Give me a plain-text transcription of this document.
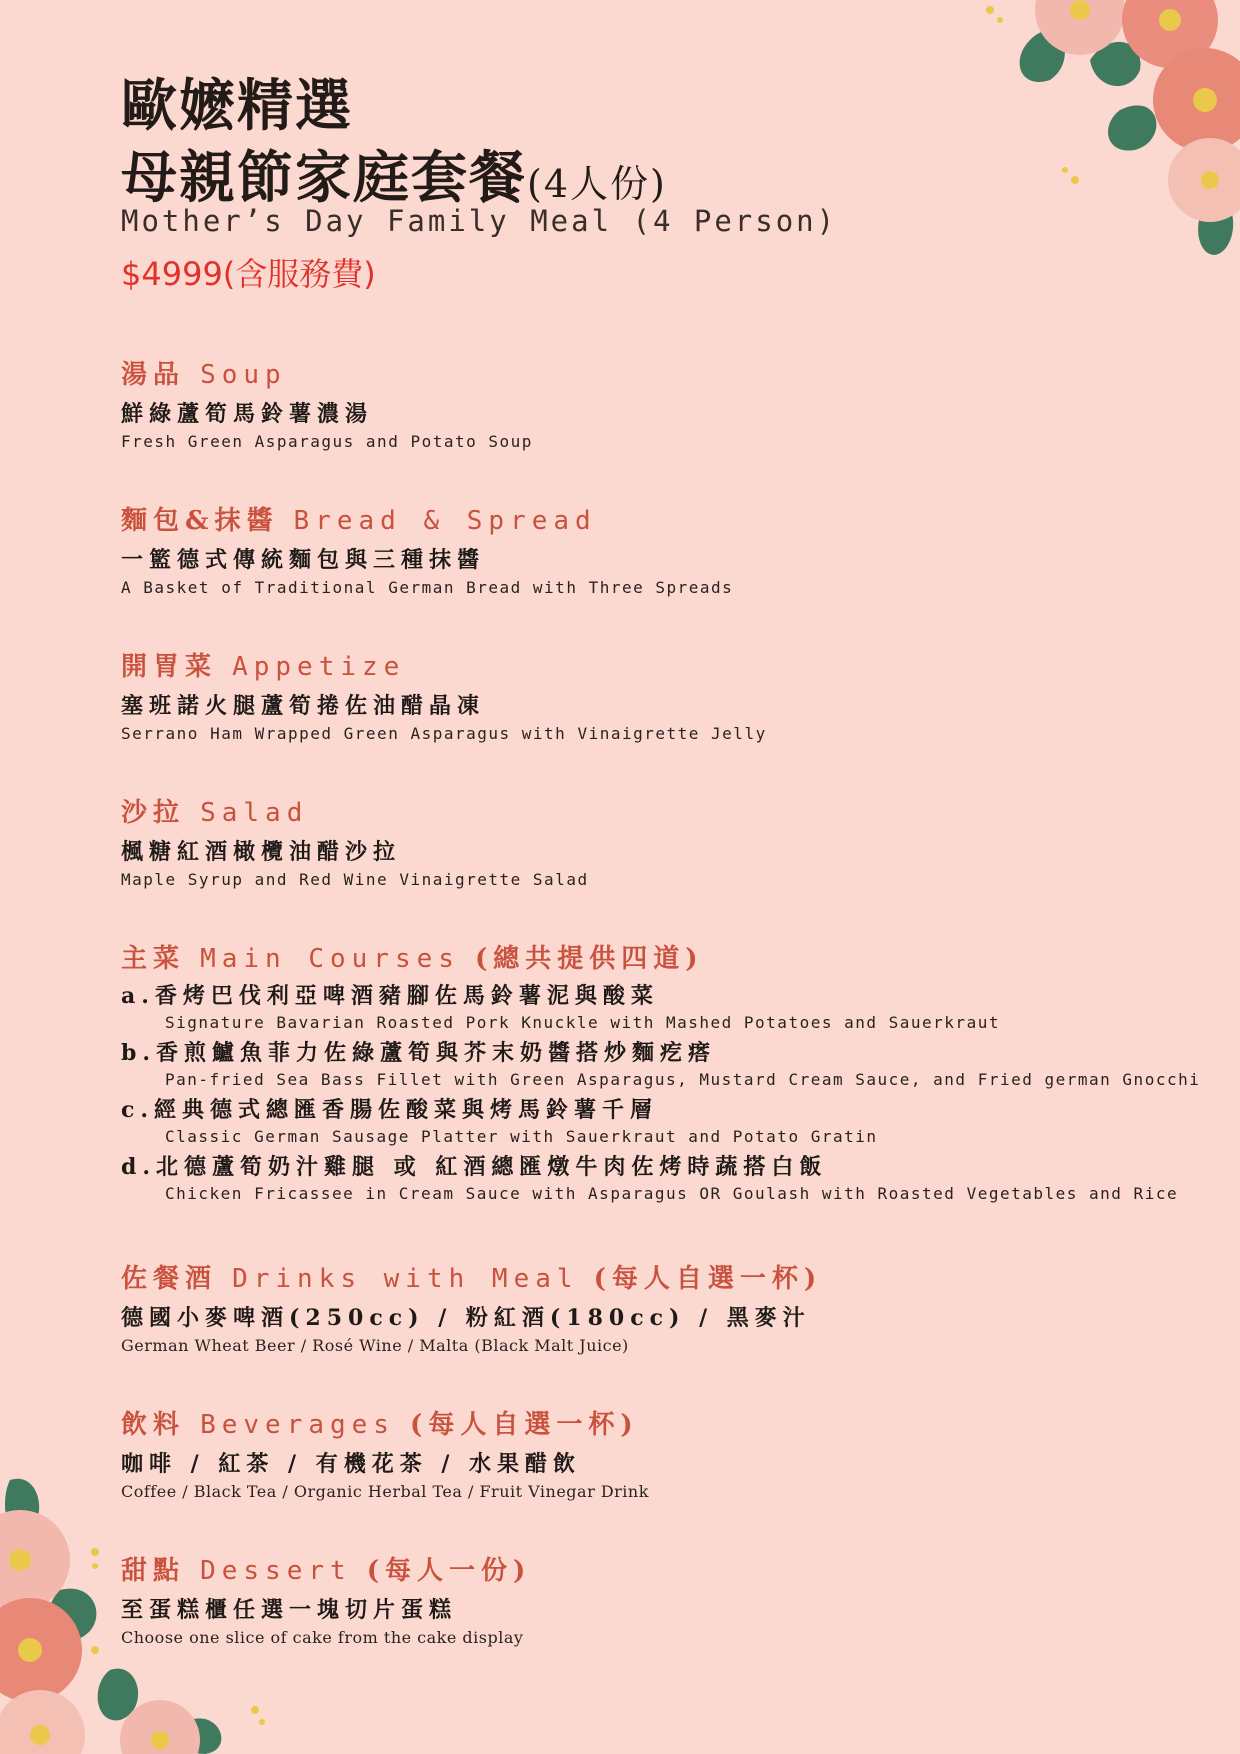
歐嬷精選
母親節家庭套餐(4人份)
Mother’s Day Family Meal (4 Person)
$4999(含服務費)
湯品 Soup
鮮綠蘆筍馬鈴薯濃湯
Fresh Green Asparagus and Potato Soup
麵包&抹醬 Bread & Spread
一籃德式傳統麵包與三種抹醬
A Basket of Traditional German Bread with Three Spreads
開胃菜 Appetize
塞班諾火腿蘆筍捲佐油醋晶凍
Serrano Ham Wrapped Green Asparagus with Vinaigrette Jelly
沙拉 Salad
楓糖紅酒橄欖油醋沙拉
Maple Syrup and Red Wine Vinaigrette Salad
主菜 Main Courses (總共提供四道)
a.香烤巴伐利亞啤酒豬腳佐馬鈴薯泥與酸菜
Signature Bavarian Roasted Pork Knuckle with Mashed Potatoes and Sauerkraut
b.香煎鱸魚菲力佐綠蘆筍與芥末奶醬搭炒麵疙瘩
Pan-fried Sea Bass Fillet with Green Asparagus, Mustard Cream Sauce, and Fried german Gnocchi
c.經典德式總匯香腸佐酸菜與烤馬鈴薯千層
Classic German Sausage Platter with Sauerkraut and Potato Gratin
d.北德蘆筍奶汁雞腿 或 紅酒總匯燉牛肉佐烤時蔬搭白飯
Chicken Fricassee in Cream Sauce with Asparagus OR Goulash with Roasted Vegetables and Rice
佐餐酒 Drinks with Meal (每人自選一杯)
德國小麥啤酒(250cc) / 粉紅酒(180cc) / 黑麥汁
German Wheat Beer / Rosé Wine / Malta (Black Malt Juice)
飲料 Beverages (每人自選一杯)
咖啡 / 紅茶 / 有機花茶 / 水果醋飲
Coffee / Black Tea / Organic Herbal Tea / Fruit Vinegar Drink
甜點 Dessert (每人一份)
至蛋糕櫃任選一塊切片蛋糕
Choose one slice of cake from the cake display
